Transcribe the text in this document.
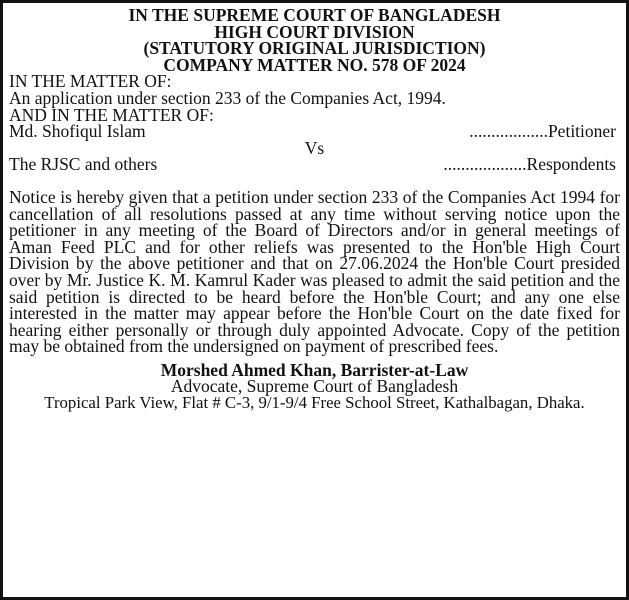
IN THE SUPREME COURT OF BANGLADESH
HIGH COURT DIVISION
(STATUTORY ORIGINAL JURISDICTION)
COMPANY MATTER NO. 578 OF 2024
IN THE MATTER OF:
An application under section 233 of the Companies Act, 1994.
AND IN THE MATTER OF:
Md. Shofiqul Islam	..................Petitioner
Vs
The RJSC and others	...................Respondents
Notice is hereby given that a petition under section 233 of the Companies Act 1994 for cancellation of all resolutions passed at any time without serving notice upon the petitioner in any meeting of the Board of Directors and/or in general meetings of Aman Feed PLC and for other reliefs was presented to the Hon'ble High Court Division by the above petitioner and that on 27.06.2024 the Hon'ble Court presided over by Mr. Justice K. M. Kamrul Kader was pleased to admit the said petition and the said petition is directed to be heard before the Hon'ble Court; and any one else interested in the matter may appear before the Hon'ble Court on the date fixed for hearing either personally or through duly appointed Advocate. Copy of the petition may be obtained from the undersigned on payment of prescribed fees.
Morshed Ahmed Khan, Barrister-at-Law
Advocate, Supreme Court of Bangladesh
Tropical Park View, Flat # C-3, 9/1-9/4 Free School Street, Kathalbagan, Dhaka.
